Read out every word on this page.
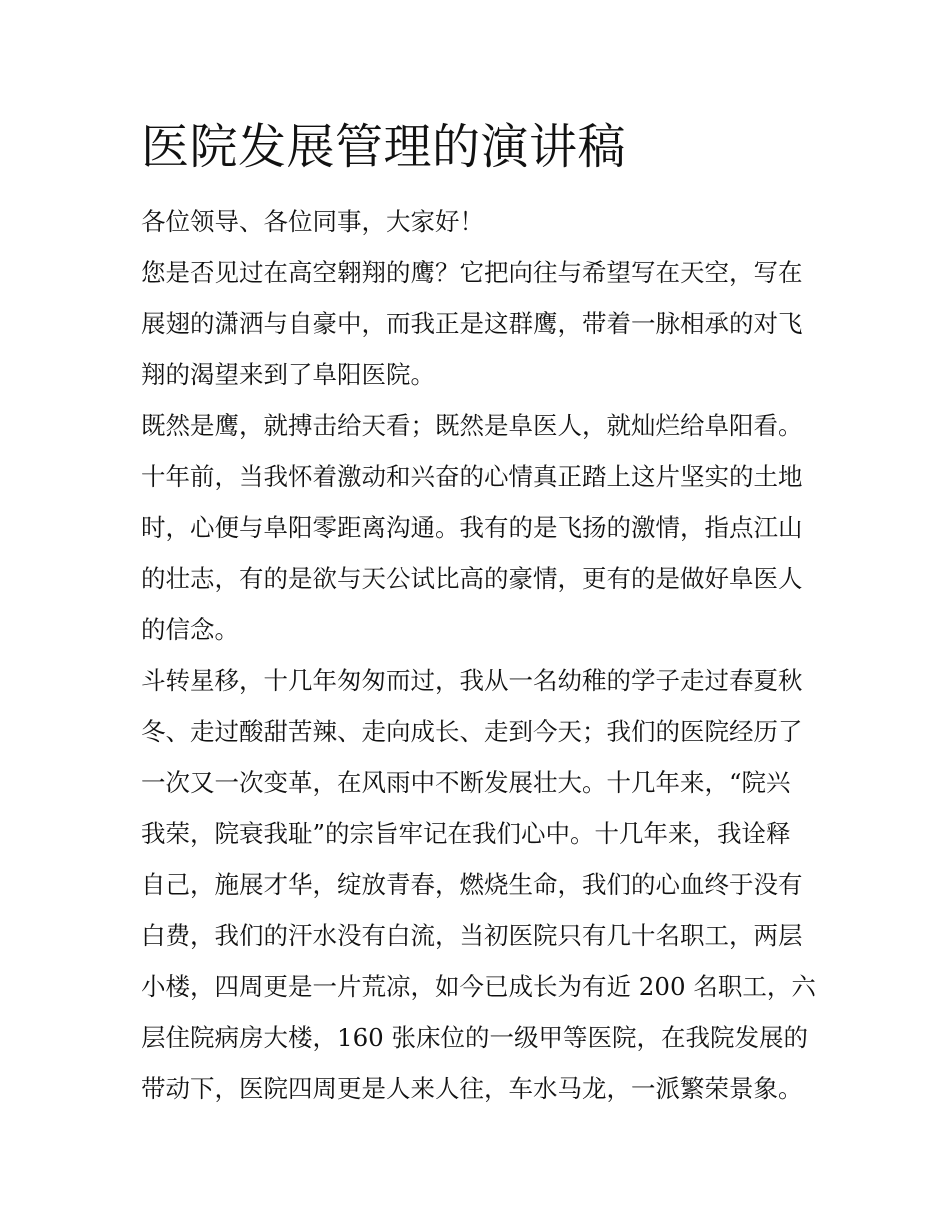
医院发展管理的演讲稿

各位领导、各位同事，大家好！

您是否见过在高空翱翔的鹰？它把向往与希望写在天空，写在

展翅的潇洒与自豪中，而我正是这群鹰，带着一脉相承的对飞

翔的渴望来到了阜阳医院。

既然是鹰，就搏击给天看；既然是阜医人，就灿烂给阜阳看。

十年前，当我怀着激动和兴奋的心情真正踏上这片坚实的土地

时，心便与阜阳零距离沟通。我有的是飞扬的激情，指点江山

的壮志，有的是欲与天公试比高的豪情，更有的是做好阜医人

的信念。

斗转星移，十几年匆匆而过，我从一名幼稚的学子走过春夏秋

冬、走过酸甜苦辣、走向成长、走到今天；我们的医院经历了

一次又一次变革，在风雨中不断发展壮大。十几年来，“院兴

我荣，院衰我耻”的宗旨牢记在我们心中。十几年来，我诠释

自己，施展才华，绽放青春，燃烧生命，我们的心血终于没有

白费，我们的汗水没有白流，当初医院只有几十名职工，两层

小楼，四周更是一片荒凉，如今已成长为有近 200 名职工，六

层住院病房大楼，160 张床位的一级甲等医院，在我院发展的

带动下，医院四周更是人来人往，车水马龙，一派繁荣景象。
